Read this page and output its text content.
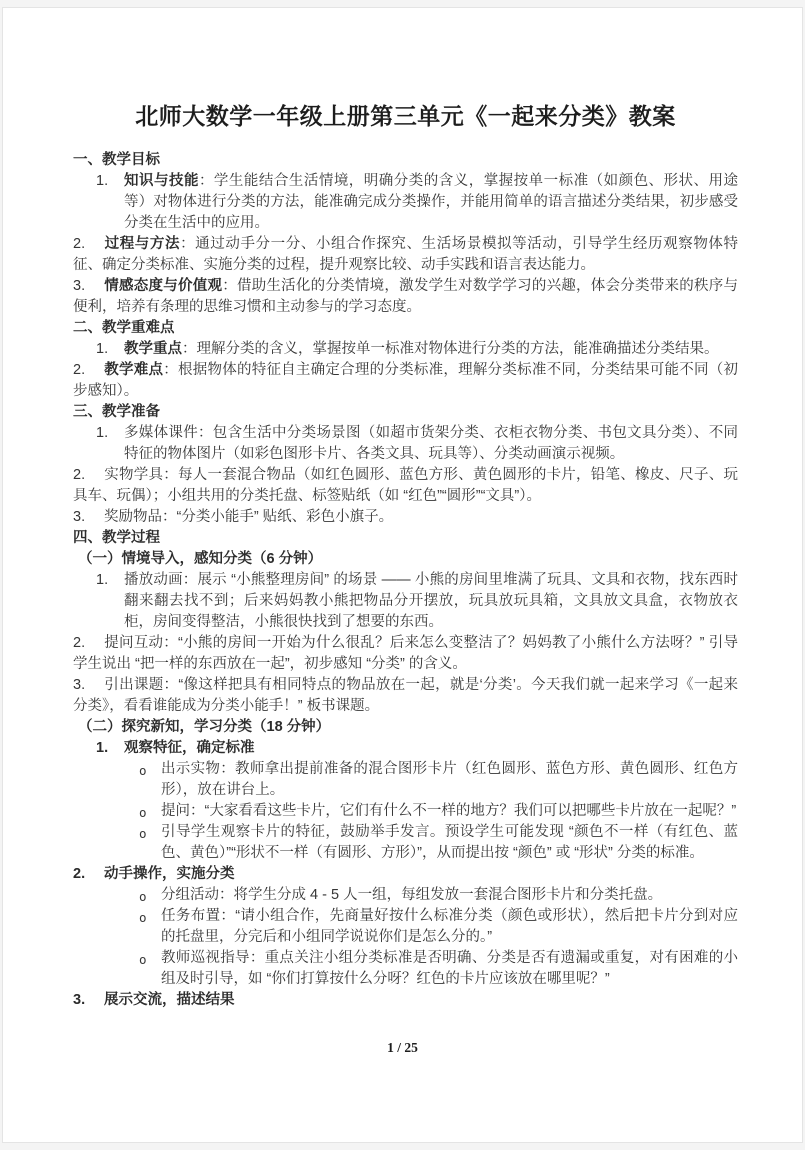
北师大数学一年级上册第三单元《一起来分类》教案
一、教学目标
1. 知识与技能：学生能结合生活情境，明确分类的含义，掌握按单一标准（如颜色、形状、用途等）对物体进行分类的方法，能准确完成分类操作，并能用简单的语言描述分类结果，初步感受分类在生活中的应用。
2. 过程与方法：通过动手分一分、小组合作探究、生活场景模拟等活动，引导学生经历观察物体特征、确定分类标准、实施分类的过程，提升观察比较、动手实践和语言表达能力。
3. 情感态度与价值观：借助生活化的分类情境，激发学生对数学学习的兴趣，体会分类带来的秩序与便利，培养有条理的思维习惯和主动参与的学习态度。
二、教学重难点
1. 教学重点：理解分类的含义，掌握按单一标准对物体进行分类的方法，能准确描述分类结果。
2. 教学难点：根据物体的特征自主确定合理的分类标准，理解分类标准不同，分类结果可能不同（初步感知）。
三、教学准备
1. 多媒体课件：包含生活中分类场景图（如超市货架分类、衣柜衣物分类、书包文具分类）、不同特征的物体图片（如彩色图形卡片、各类文具、玩具等）、分类动画演示视频。
2. 实物学具：每人一套混合物品（如红色圆形、蓝色方形、黄色圆形的卡片，铅笔、橡皮、尺子、玩具车、玩偶）；小组共用的分类托盘、标签贴纸（如 “红色”“圆形”“文具”）。
3. 奖励物品：“分类小能手” 贴纸、彩色小旗子。
四、教学过程
（一）情境导入，感知分类（6 分钟）
1. 播放动画：展示 “小熊整理房间” 的场景 —— 小熊的房间里堆满了玩具、文具和衣物，找东西时翻来翻去找不到；后来妈妈教小熊把物品分开摆放，玩具放玩具箱，文具放文具盒，衣物放衣柜，房间变得整洁，小熊很快找到了想要的东西。
2. 提问互动：“小熊的房间一开始为什么很乱？后来怎么变整洁了？妈妈教了小熊什么方法呀？” 引导学生说出 “把一样的东西放在一起”，初步感知 “分类” 的含义。
3. 引出课题：“像这样把具有相同特点的物品放在一起，就是‘分类’。今天我们就一起来学习《一起来分类》，看看谁能成为分类小能手！” 板书课题。
（二）探究新知，学习分类（18 分钟）
1. 观察特征，确定标准
o 出示实物：教师拿出提前准备的混合图形卡片（红色圆形、蓝色方形、黄色圆形、红色方形），放在讲台上。
o 提问：“大家看看这些卡片，它们有什么不一样的地方？我们可以把哪些卡片放在一起呢？”
o 引导学生观察卡片的特征，鼓励举手发言。预设学生可能发现 “颜色不一样（有红色、蓝色、黄色）”“形状不一样（有圆形、方形）”，从而提出按 “颜色” 或 “形状” 分类的标准。
2. 动手操作，实施分类
o 分组活动：将学生分成 4 - 5 人一组，每组发放一套混合图形卡片和分类托盘。
o 任务布置：“请小组合作，先商量好按什么标准分类（颜色或形状），然后把卡片分到对应的托盘里，分完后和小组同学说说你们是怎么分的。”
o 教师巡视指导：重点关注小组分类标准是否明确、分类是否有遗漏或重复，对有困难的小组及时引导，如 “你们打算按什么分呀？红色的卡片应该放在哪里呢？”
3. 展示交流，描述结果
1 / 25
